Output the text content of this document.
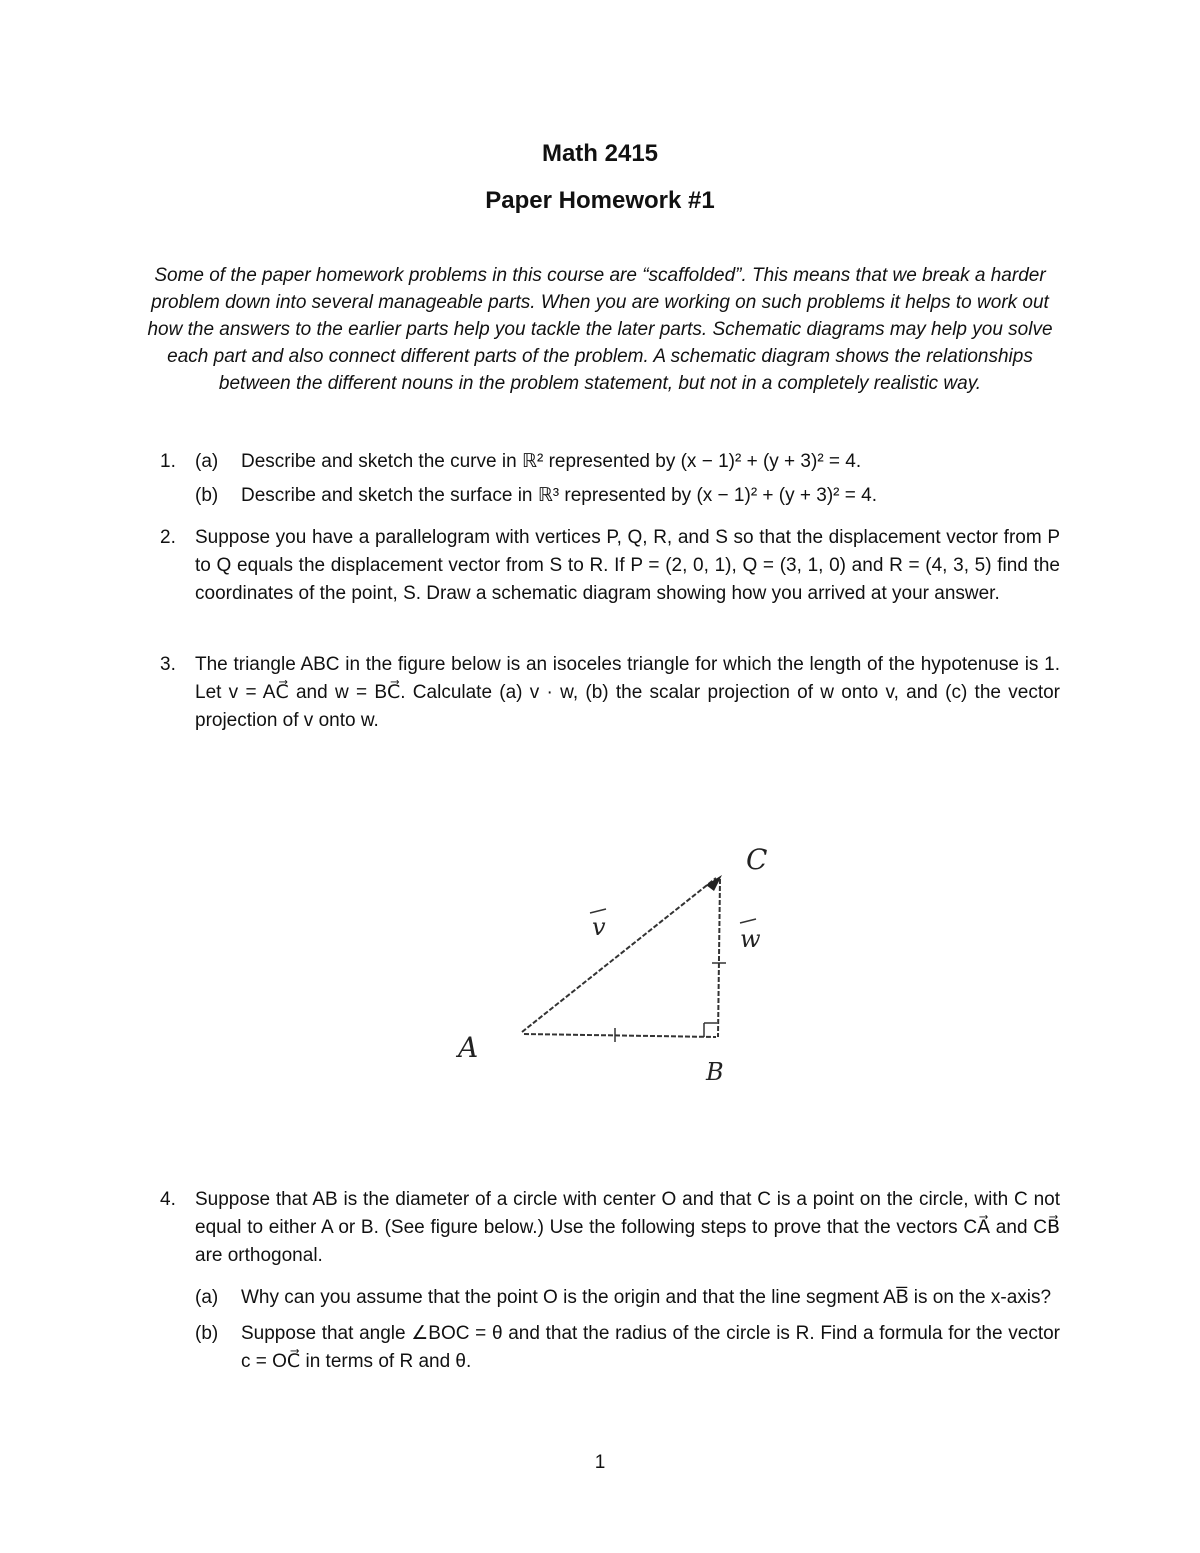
Math 2415
Paper Homework #1
Some of the paper homework problems in this course are “scaffolded”. This means that we break a harder problem down into several manageable parts. When you are working on such problems it helps to work out how the answers to the earlier parts help you tackle the later parts. Schematic diagrams may help you solve each part and also connect different parts of the problem. A schematic diagram shows the relationships between the different nouns in the problem statement, but not in a completely realistic way.
1.	(a) Describe and sketch the curve in ℝ² represented by (x − 1)² + (y + 3)² = 4.
(b) Describe and sketch the surface in ℝ³ represented by (x − 1)² + (y + 3)² = 4.
2.	Suppose you have a parallelogram with vertices P, Q, R, and S so that the displacement vector from P to Q equals the displacement vector from S to R. If P = (2, 0, 1), Q = (3, 1, 0) and R = (4, 3, 5) find the coordinates of the point, S. Draw a schematic diagram showing how you arrived at your answer.
3.	The triangle ABC in the figure below is an isoceles triangle for which the length of the hypotenuse is 1. Let v = AC⃗ and w = BC⃗. Calculate (a) v · w, (b) the scalar projection of w onto v, and (c) the vector projection of v onto w.
A
B
C
v	w
4.	Suppose that AB is the diameter of a circle with center O and that C is a point on the circle, with C not equal to either A or B. (See figure below.) Use the following steps to prove that the vectors CA⃗ and CB⃗ are orthogonal.
(a) Why can you assume that the point O is the origin and that the line segment AB̅ is on the x-axis?
(b) Suppose that angle ∠BOC = θ and that the radius of the circle is R. Find a formula for the vector c = OC⃗ in terms of R and θ.
1
